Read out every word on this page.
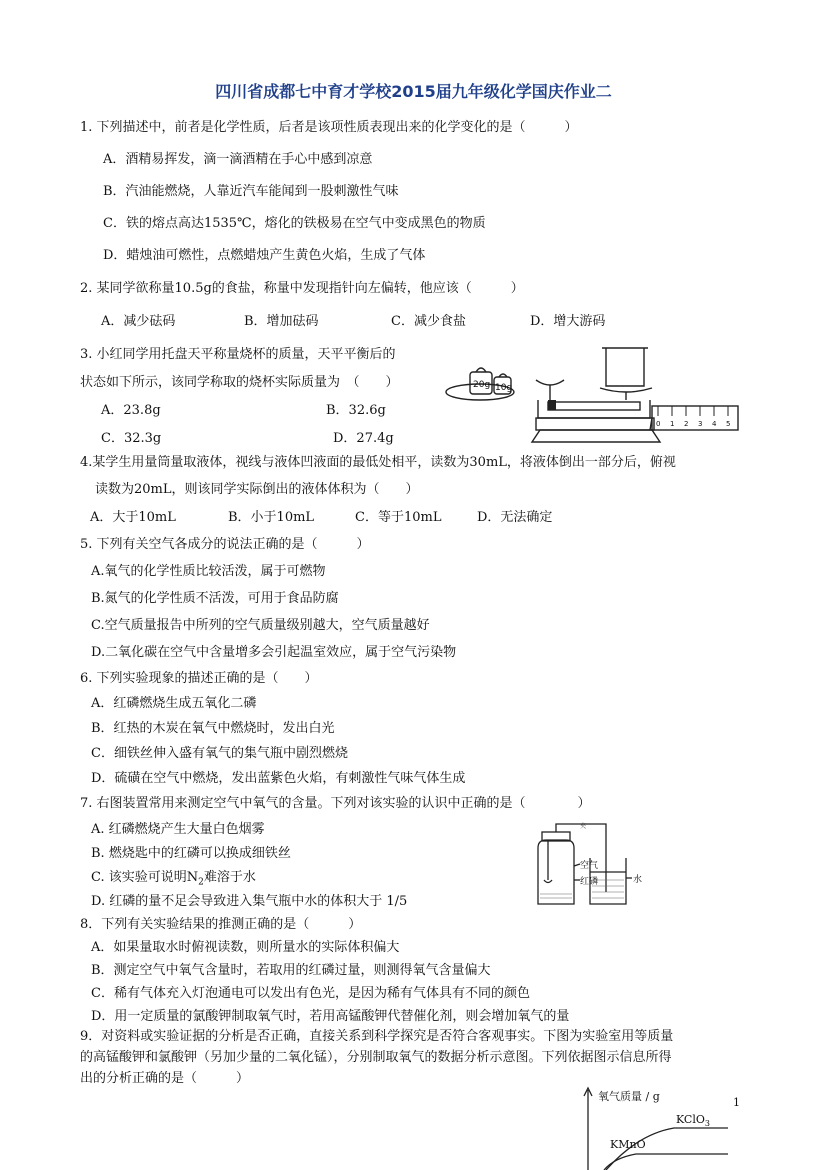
四川省成都七中育才学校2015届九年级化学国庆作业二
1. 下列描述中，前者是化学性质，后者是该项性质表现出来的化学变化的是（　　　）
A．酒精易挥发，滴一滴酒精在手心中感到凉意
B．汽油能燃烧，人靠近汽车能闻到一股刺激性气味
C．铁的熔点高达1535℃，熔化的铁极易在空气中变成黑色的物质
D．蜡烛油可燃性，点燃蜡烛产生黄色火焰，生成了气体
2. 某同学欲称量10.5g的食盐，称量中发现指针向左偏转，他应该（　　　）
A．减少砝码	B．增加砝码	C．减少食盐	D．增大游码
3. 小红同学用托盘天平称量烧杯的质量，天平平衡后的
状态如下所示，该同学称取的烧杯实际质量为　（　　）
A．23.8g	B．32.6g
C．32.3g	D．27.4g
20g 10g
0 1 2 3 4 5
4.某学生用量筒量取液体，视线与液体凹液面的最低处相平，读数为30mL，将液体倒出一部分后，俯视
读数为20mL，则该同学实际倒出的液体体积为（　　）
A．大于10mL	B．小于10mL	C．等于10mL	D．无法确定
5. 下列有关空气各成分的说法正确的是（　　　）
A.氧气的化学性质比较活泼，属于可燃物
B.氮气的化学性质不活泼，可用于食品防腐
C.空气质量报告中所列的空气质量级别越大，空气质量越好
D.二氧化碳在空气中含量增多会引起温室效应，属于空气污染物
6. 下列实验现象的描述正确的是（　　）
A．红磷燃烧生成五氧化二磷
B．红热的木炭在氧气中燃烧时，发出白光
C．细铁丝伸入盛有氧气的集气瓶中剧烈燃烧
D．硫磺在空气中燃烧，发出蓝紫色火焰，有刺激性气味气体生成
7. 右图装置常用来测定空气中氧气的含量。下列对该实验的认识中正确的是（　　　　）
A. 红磷燃烧产生大量白色烟雾
B. 燃烧匙中的红磷可以换成细铁丝
C. 该实验可说明$N_2$难溶于水
D. 红磷的量不足会导致进入集气瓶中水的体积大于 1/5
夹
空气
红磷	水
8．下列有关实验结果的推测正确的是（　　　）
A．如果量取水时俯视读数，则所量水的实际体积偏大
B．测定空气中氧气含量时，若取用的红磷过量，则测得氧气含量偏大
C．稀有气体充入灯泡通电可以发出有色光，是因为稀有气体具有不同的颜色
D．用一定质量的氯酸钾制取氧气时，若用高锰酸钾代替催化剂，则会增加氧气的量
9．对资料或实验证据的分析是否正确，直接关系到科学探究是否符合客观事实。下图为实验室用等质量
的高锰酸钾和氯酸钾（另加少量的二氧化锰），分别制取氧气的数据分析示意图。下列依据图示信息所得
出的分析正确的是（　　　）
氧气质量 / g
KClO$_3$
KMnO
1
